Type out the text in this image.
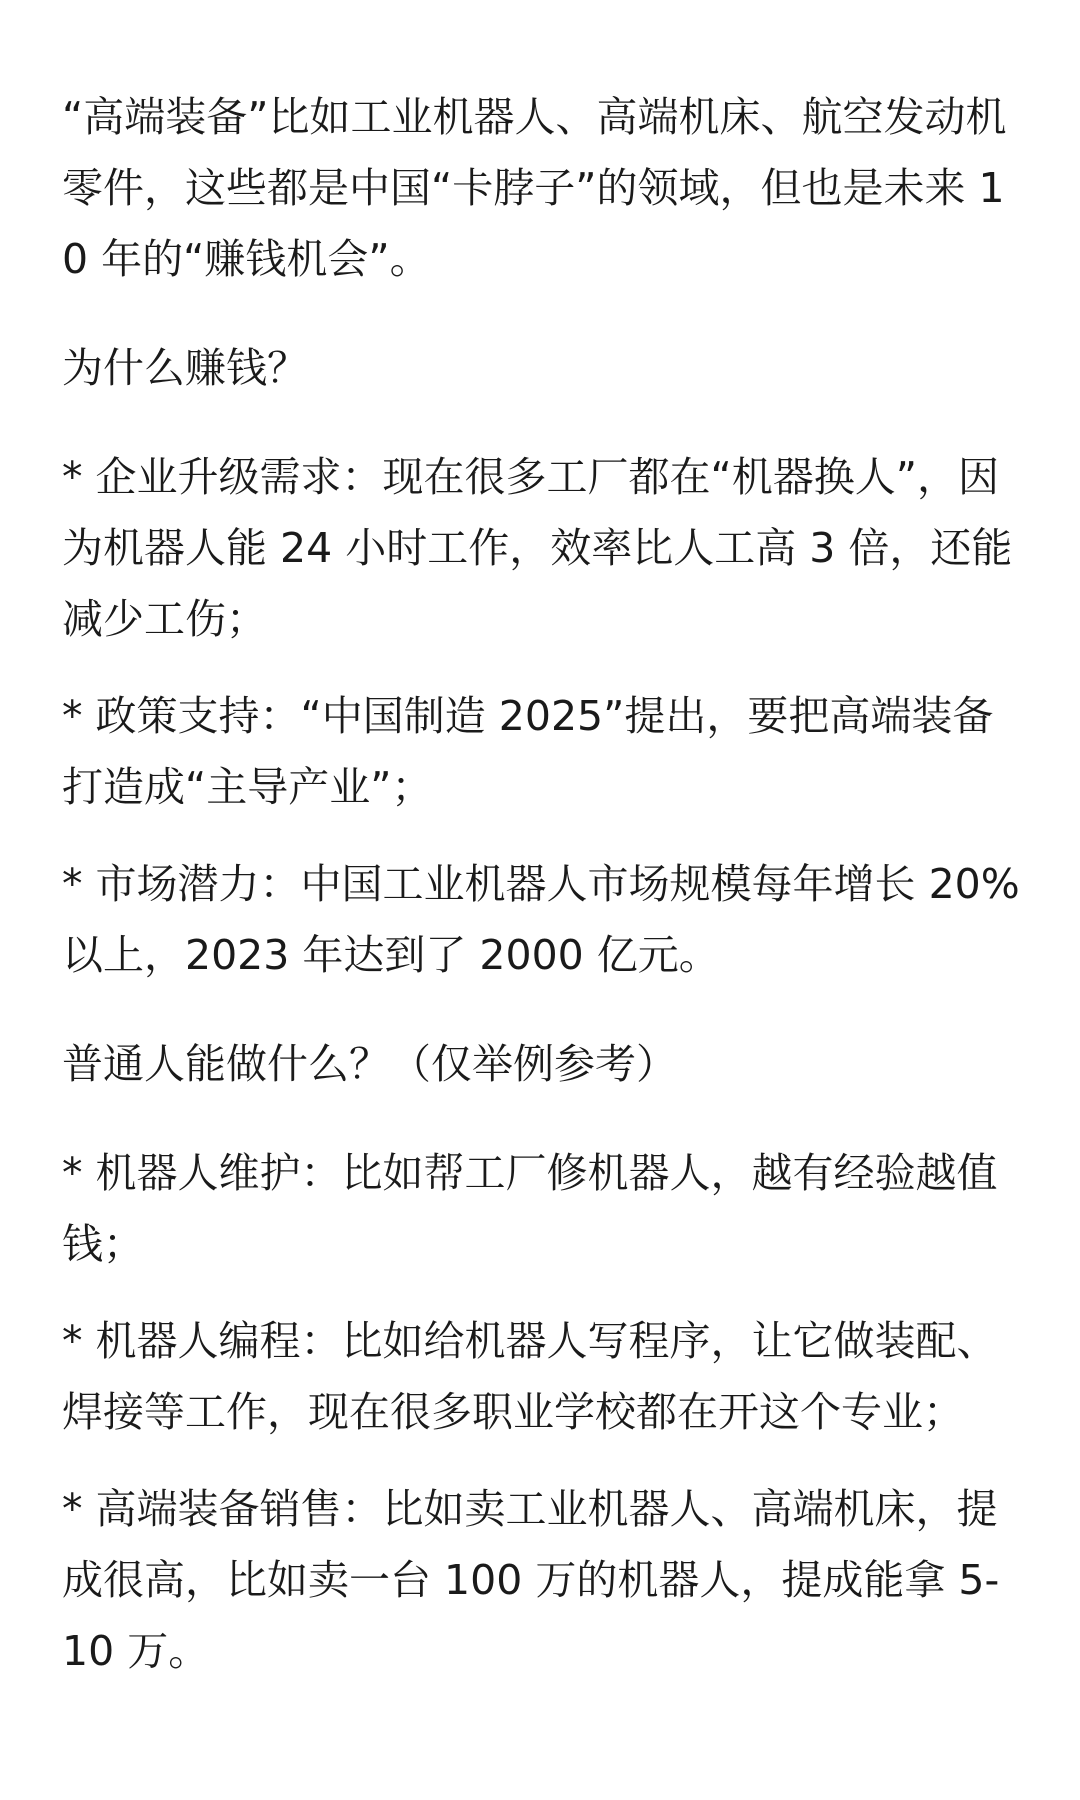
“高端装备”比如工业机器人、高端机床、航空发动机零件，这些都是中国“卡脖子”的领域，但也是未来 10 年的“赚钱机会”。

为什么赚钱？

* 企业升级需求：现在很多工厂都在“机器换人”，因为机器人能 24 小时工作，效率比人工高 3 倍，还能减少工伤；

* 政策支持：“中国制造 2025”提出，要把高端装备打造成“主导产业”；

* 市场潜力：中国工业机器人市场规模每年增长 20% 以上，2023 年达到了 2000 亿元。

普通人能做什么？（仅举例参考）

* 机器人维护：比如帮工厂修机器人，越有经验越值钱；

* 机器人编程：比如给机器人写程序，让它做装配、焊接等工作，现在很多职业学校都在开这个专业；

* 高端装备销售：比如卖工业机器人、高端机床，提成很高，比如卖一台 100 万的机器人，提成能拿 5-10 万。
